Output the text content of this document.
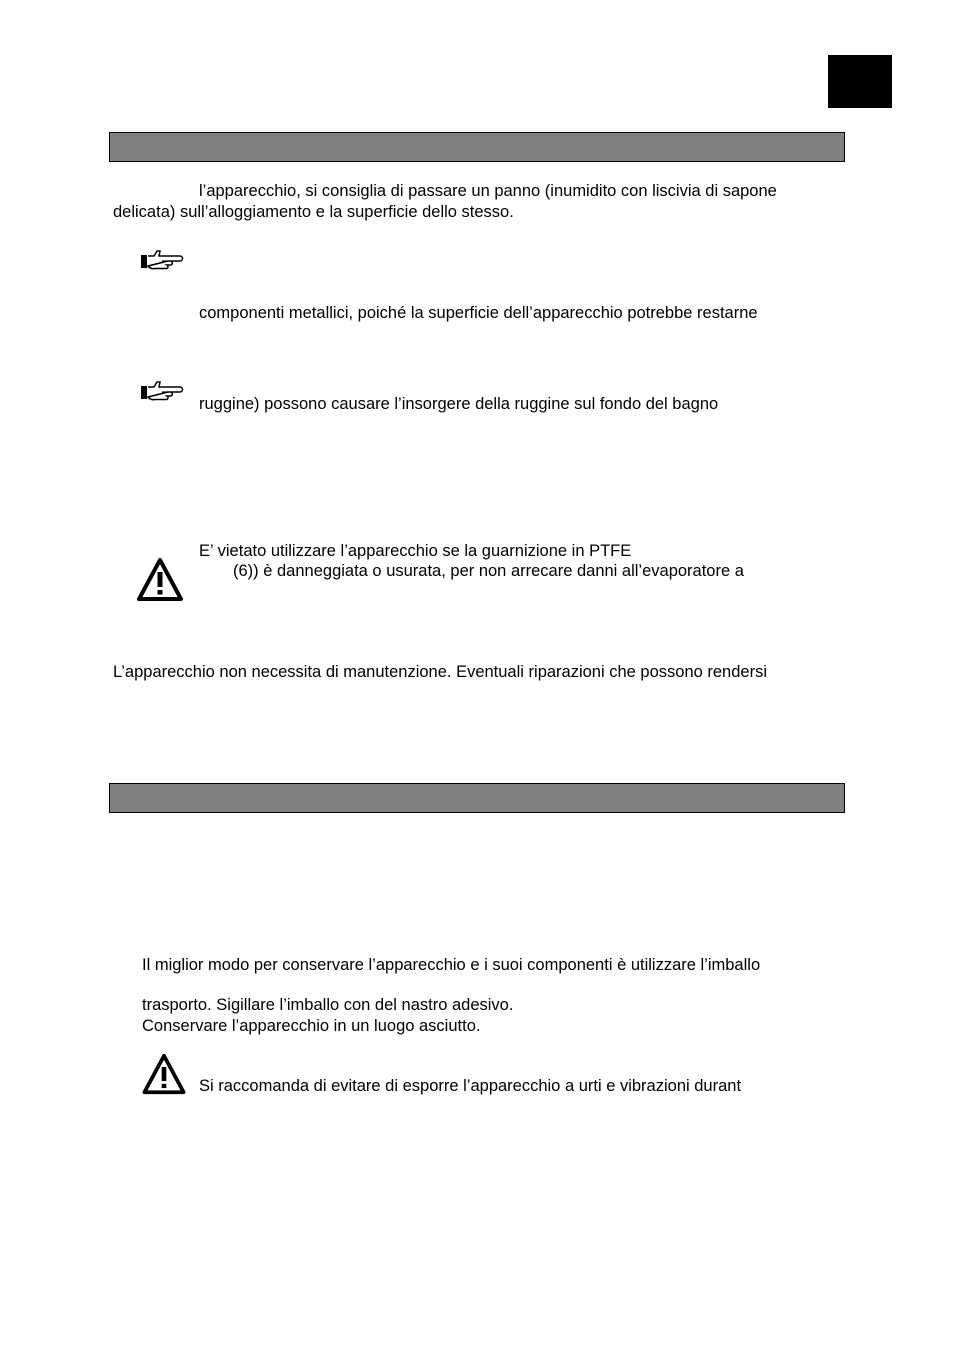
l’apparecchio, si consiglia di passare un panno (inumidito con liscivia di sapone
delicata) sull’alloggiamento e la superficie dello stesso.
componenti metallici, poiché la superficie dell’apparecchio potrebbe restarne
ruggine) possono causare l’insorgere della ruggine sul fondo del bagno
E’ vietato utilizzare l’apparecchio se la guarnizione in PTFE
(6)) è danneggiata o usurata, per non arrecare danni all’evaporatore a
L’apparecchio non necessita di manutenzione. Eventuali riparazioni che possono rendersi
Il miglior modo per conservare l’apparecchio e i suoi componenti è utilizzare l’imballo
trasporto. Sigillare l’imballo con del nastro adesivo.
Conservare l’apparecchio in un luogo asciutto.
Si raccomanda di evitare di esporre l’apparecchio a urti e vibrazioni durant
